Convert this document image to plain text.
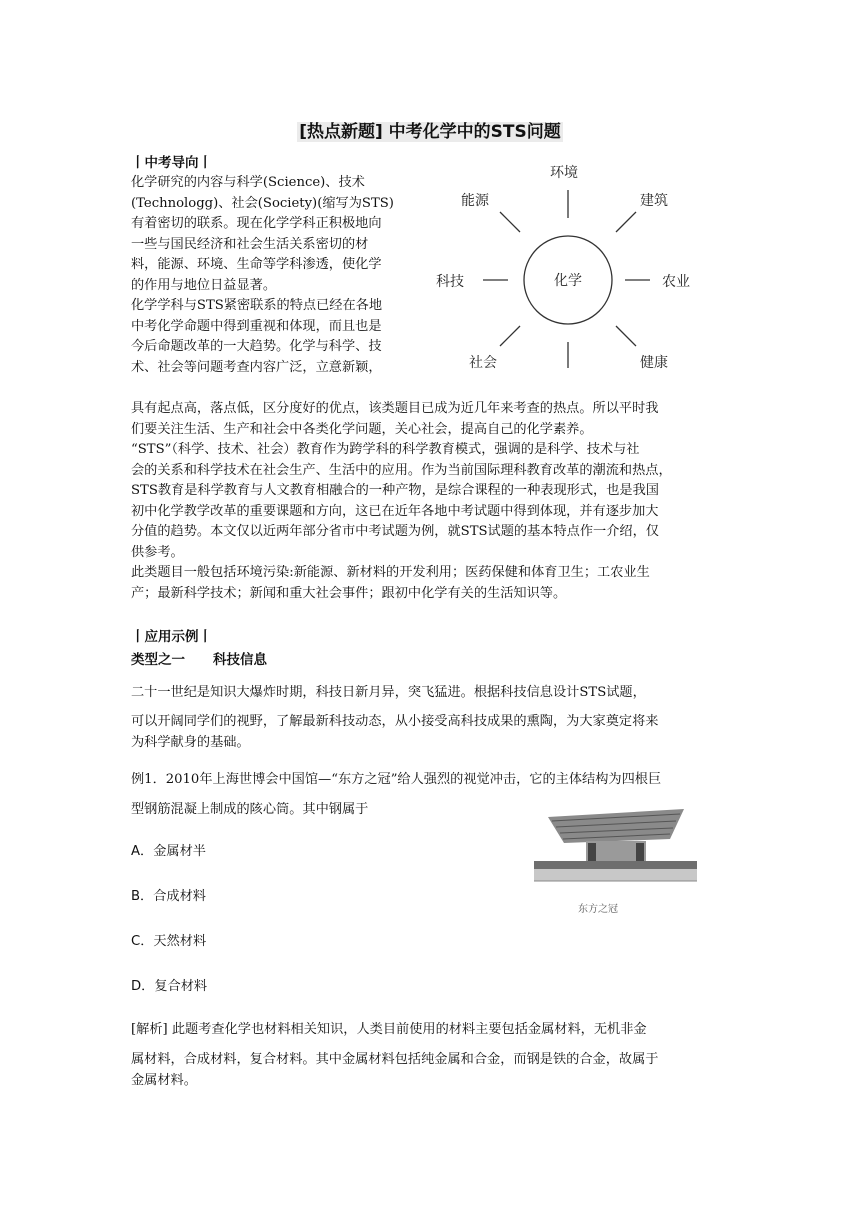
[热点新题] 中考化学中的STS问题
丨中考导向丨
化学研究的内容与科学(Science)、技术
(Technologg)、社会(Society)(缩写为STS)
有着密切的联系。现在化学学科正积极地向
一些与国民经济和社会生活关系密切的材
料，能源、环境、生命等学科渗透，使化学
的作用与地位日益显著。
化学学科与STS紧密联系的特点已经在各地
中考化学命题中得到重视和体现，而且也是
今后命题改革的一大趋势。化学与科学、技
术、社会等问题考查内容广泛，立意新颖，
化学
环境
能源	建筑
科技	农业
社会	健康
具有起点高，落点低，区分度好的优点，该类题目已成为近几年来考查的热点。所以平时我
们要关注生活、生产和社会中各类化学问题，关心社会，提高自己的化学素养。
“STS”（科学、技术、社会）教育作为跨学科的科学教育模式，强调的是科学、技术与社
会的关系和科学技术在社会生产、生活中的应用。作为当前国际理科教育改革的潮流和热点，
STS教育是科学教育与人文教育相融合的一种产物，是综合课程的一种表现形式，也是我国
初中化学教学改革的重要课题和方向，这已在近年各地中考试题中得到体现，并有逐步加大
分值的趋势。本文仅以近两年部分省市中考试题为例，就STS试题的基本特点作一介绍，仅
供参考。
此类题目一般包括环境污染:新能源、新材料的开发利用；医药保健和体育卫生；工农业生
产；最新科学技术；新闻和重大社会事件；跟初中化学有关的生活知识等。
丨应用示例丨
类型之一 科技信息
二十一世纪是知识大爆炸时期，科技日新月异，突飞猛进。根据科技信息设计STS试题，
可以开阔同学们的视野，了解最新科技动态，从小接受高科技成果的熏陶，为大家奠定将来
为科学献身的基础。
例1．2010年上海世博会中国馆—“东方之冠”给人强烈的视觉冲击，它的主体结构为四根巨
型钢筋混凝上制成的陔心筒。其中钢属于
A．金属材半
B．合成材料
C．天然材料
D．复合材料
东方之冠
[解析] 此题考查化学也材料相关知识，人类目前使用的材料主要包括金属材料，无机非金
属材料，合成材料，复合材料。其中金属材料包括纯金属和合金，而钢是铁的合金，故属于
金属材料。
